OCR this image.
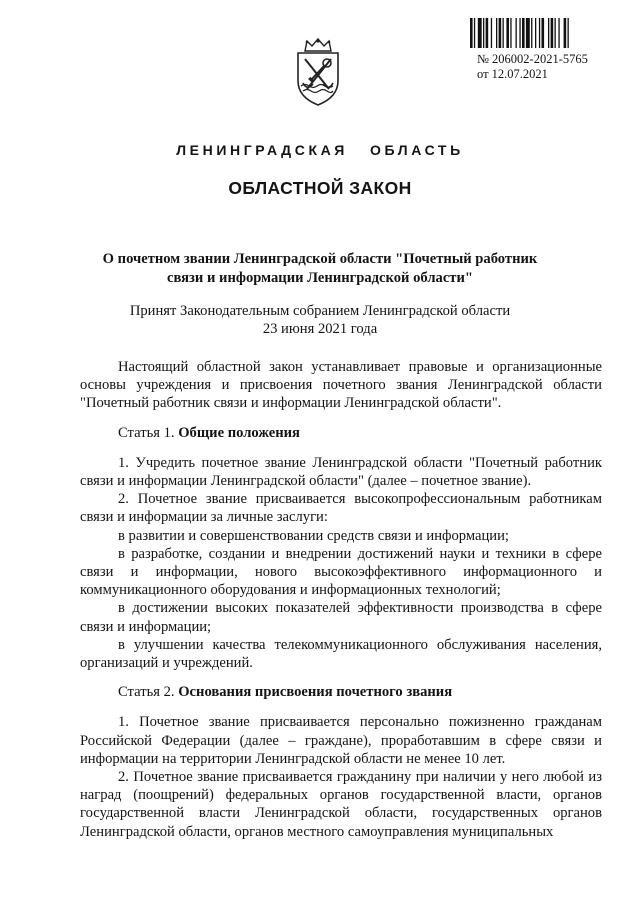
№ 206002-2021-5765
от 12.07.2021
ЛЕНИНГРАДСКАЯ ОБЛАСТЬ
ОБЛАСТНОЙ ЗАКОН
О почетном звании Ленинградской области "Почетный работник
связи и информации Ленинградской области"
Принят Законодательным собранием Ленинградской области
23 июня 2021 года

Настоящий областной закон устанавливает правовые и организационные основы учреждения и присвоения почетного звания Ленинградской области "Почетный работник связи и информации Ленинградской области".

Статья 1. Общие положения

1. Учредить почетное звание Ленинградской области "Почетный работник связи и информации Ленинградской области" (далее – почетное звание).

2. Почетное звание присваивается высокопрофессиональным работникам связи и информации за личные заслуги:

в развитии и совершенствовании средств связи и информации;

в разработке, создании и внедрении достижений науки и техники в сфере связи и информации, нового высокоэффективного информационного и коммуникационного оборудования и информационных технологий;

в достижении высоких показателей эффективности производства в сфере связи и информации;

в улучшении качества телекоммуникационного обслуживания населения, организаций и учреждений.

Статья 2. Основания присвоения почетного звания

1. Почетное звание присваивается персонально пожизненно гражданам Российской Федерации (далее – граждане), проработавшим в сфере связи и информации на территории Ленинградской области не менее 10 лет.

2. Почетное звание присваивается гражданину при наличии у него любой из наград (поощрений) федеральных органов государственной власти, органов государственной власти Ленинградской области, государственных органов Ленинградской области, органов местного самоуправления муниципальных
